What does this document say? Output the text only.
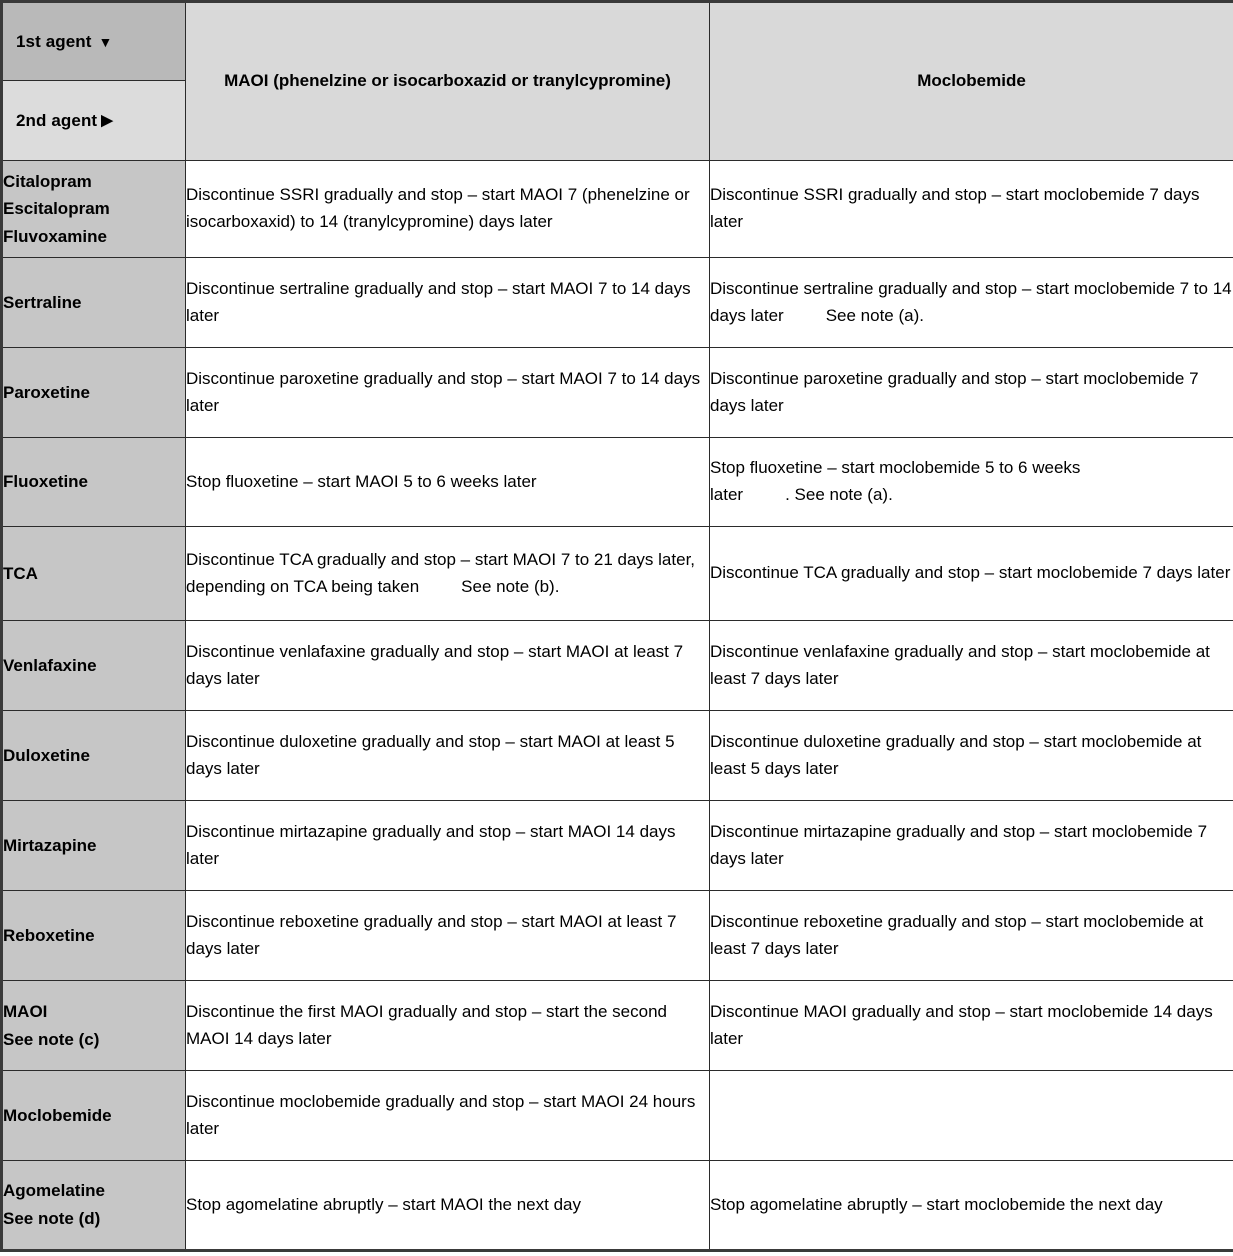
1st agent ▼
2nd agent ▶	MAOI (phenelzine or isocarboxazid or tranylcypromine)	Moclobemide

Citalopram
Escitalopram
Fluvoxamine	Discontinue SSRI gradually and stop – start MAOI 7 (phenelzine or isocarboxaxid) to 14 (tranylcypromine) days later	Discontinue SSRI gradually and stop – start moclobemide 7 days later

Sertraline	Discontinue sertraline gradually and stop – start MAOI 7 to 14 days later	Discontinue sertraline gradually and stop – start moclobemide 7 to 14 days later See note (a).

Paroxetine	Discontinue paroxetine gradually and stop – start MAOI 7 to 14 days later	Discontinue paroxetine gradually and stop – start moclobemide 7 days later

Fluoxetine	Stop fluoxetine – start MAOI 5 to 6 weeks later	Stop fluoxetine – start moclobemide 5 to 6 weeks later . See note (a).

TCA	Discontinue TCA gradually and stop – start MAOI 7 to 21 days later, depending on TCA being taken See note (b).	Discontinue TCA gradually and stop – start moclobemide 7 days later

Venlafaxine	Discontinue venlafaxine gradually and stop – start MAOI at least 7 days later	Discontinue venlafaxine gradually and stop – start moclobemide at least 7 days later

Duloxetine	Discontinue duloxetine gradually and stop – start MAOI at least 5 days later	Discontinue duloxetine gradually and stop – start moclobemide at least 5 days later

Mirtazapine	Discontinue mirtazapine gradually and stop – start MAOI 14 days later	Discontinue mirtazapine gradually and stop – start moclobemide 7 days later

Reboxetine	Discontinue reboxetine gradually and stop – start MAOI at least 7 days later	Discontinue reboxetine gradually and stop – start moclobemide at least 7 days later

MAOI
See note (c)	Discontinue the first MAOI gradually and stop – start the second MAOI 14 days later	Discontinue MAOI gradually and stop – start moclobemide 14 days later

Moclobemide	Discontinue moclobemide gradually and stop – start MAOI 24 hours later	

Agomelatine
See note (d)	Stop agomelatine abruptly – start MAOI the next day	Stop agomelatine abruptly – start moclobemide the next day
